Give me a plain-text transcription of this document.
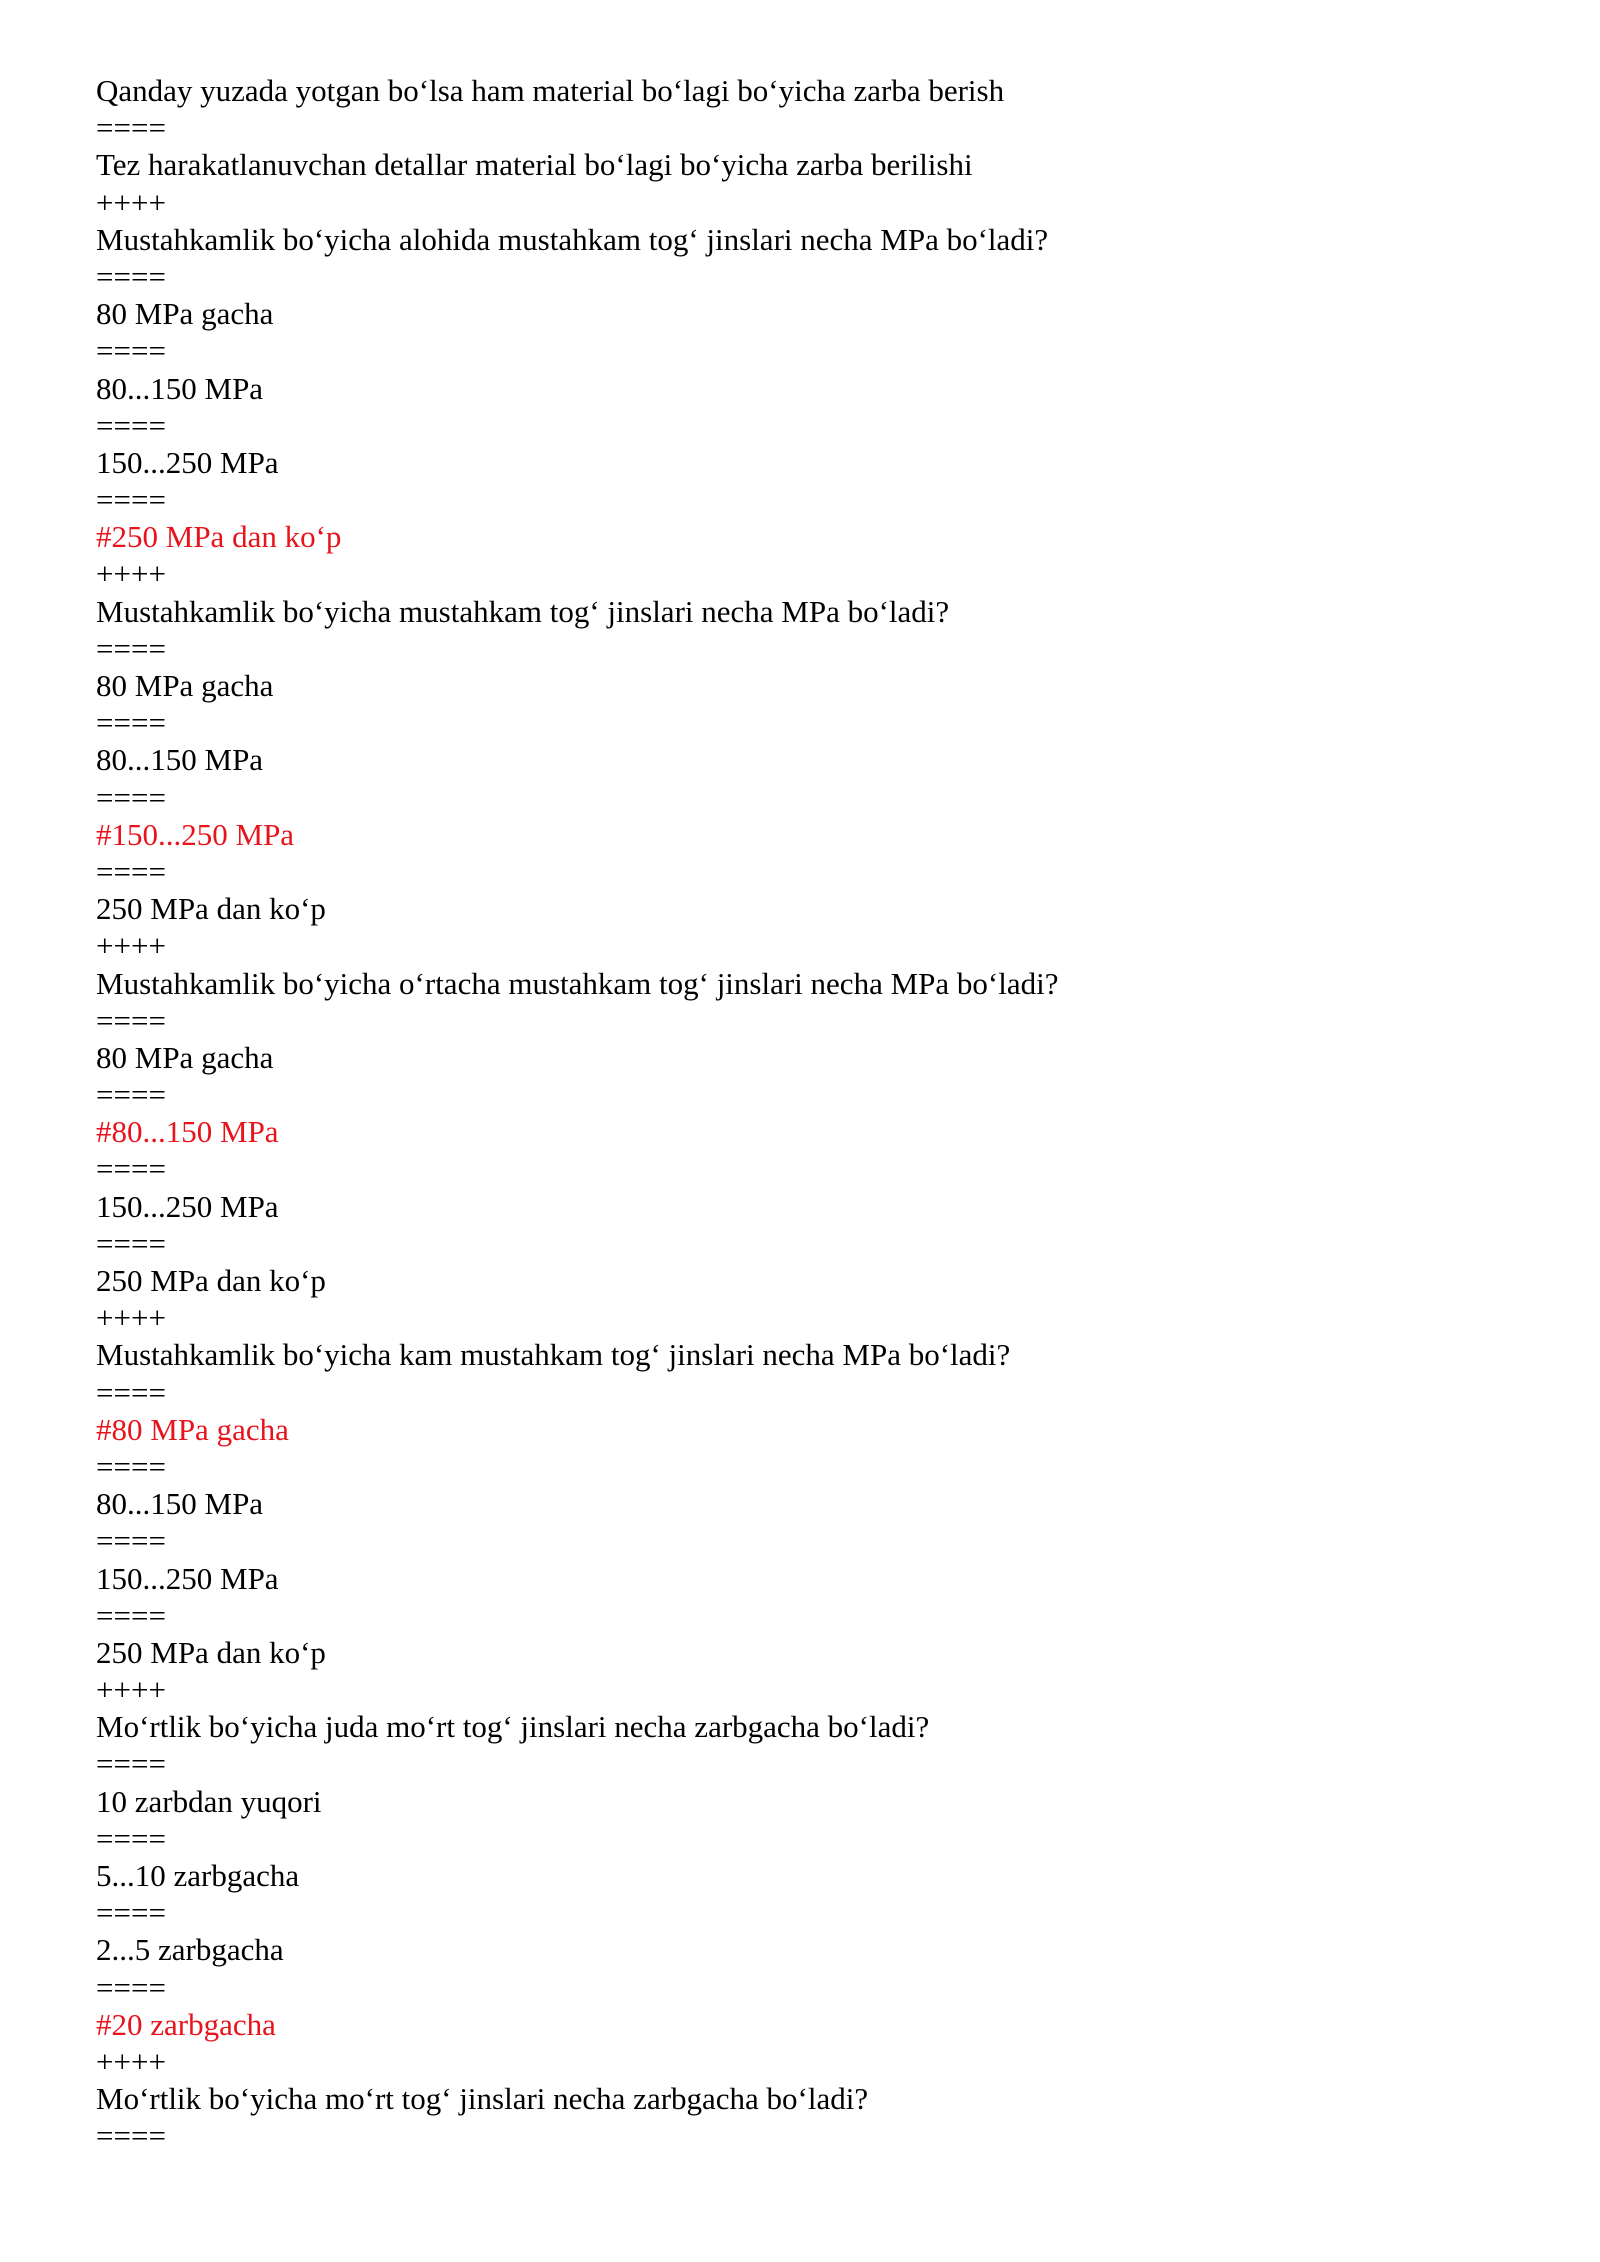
Qanday yuzada yotgan bo‘lsa ham material bo‘lagi bo‘yicha zarba berish
====
Tez harakatlanuvchan detallar material bo‘lagi bo‘yicha zarba berilishi
++++
Mustahkamlik bo‘yicha alohida mustahkam tog‘ jinslari necha MPa bo‘ladi?
====
80 MPa gacha
====
80...150 MPa
====
150...250 MPa
====
#250 MPa dan ko‘p
++++
Mustahkamlik bo‘yicha mustahkam tog‘ jinslari necha MPa bo‘ladi?
====
80 MPa gacha
====
80...150 MPa
====
#150...250 MPa
====
250 MPa dan ko‘p
++++
Mustahkamlik bo‘yicha o‘rtacha mustahkam tog‘ jinslari necha MPa bo‘ladi?
====
80 MPa gacha
====
#80...150 MPa
====
150...250 MPa
====
250 MPa dan ko‘p
++++
Mustahkamlik bo‘yicha kam mustahkam tog‘ jinslari necha MPa bo‘ladi?
====
#80 MPa gacha
====
80...150 MPa
====
150...250 MPa
====
250 MPa dan ko‘p
++++
Mo‘rtlik bo‘yicha juda mo‘rt tog‘ jinslari necha zarbgacha bo‘ladi?
====
10 zarbdan yuqori
====
5...10 zarbgacha
====
2...5 zarbgacha
====
#20 zarbgacha
++++
Mo‘rtlik bo‘yicha mo‘rt tog‘ jinslari necha zarbgacha bo‘ladi?
====
